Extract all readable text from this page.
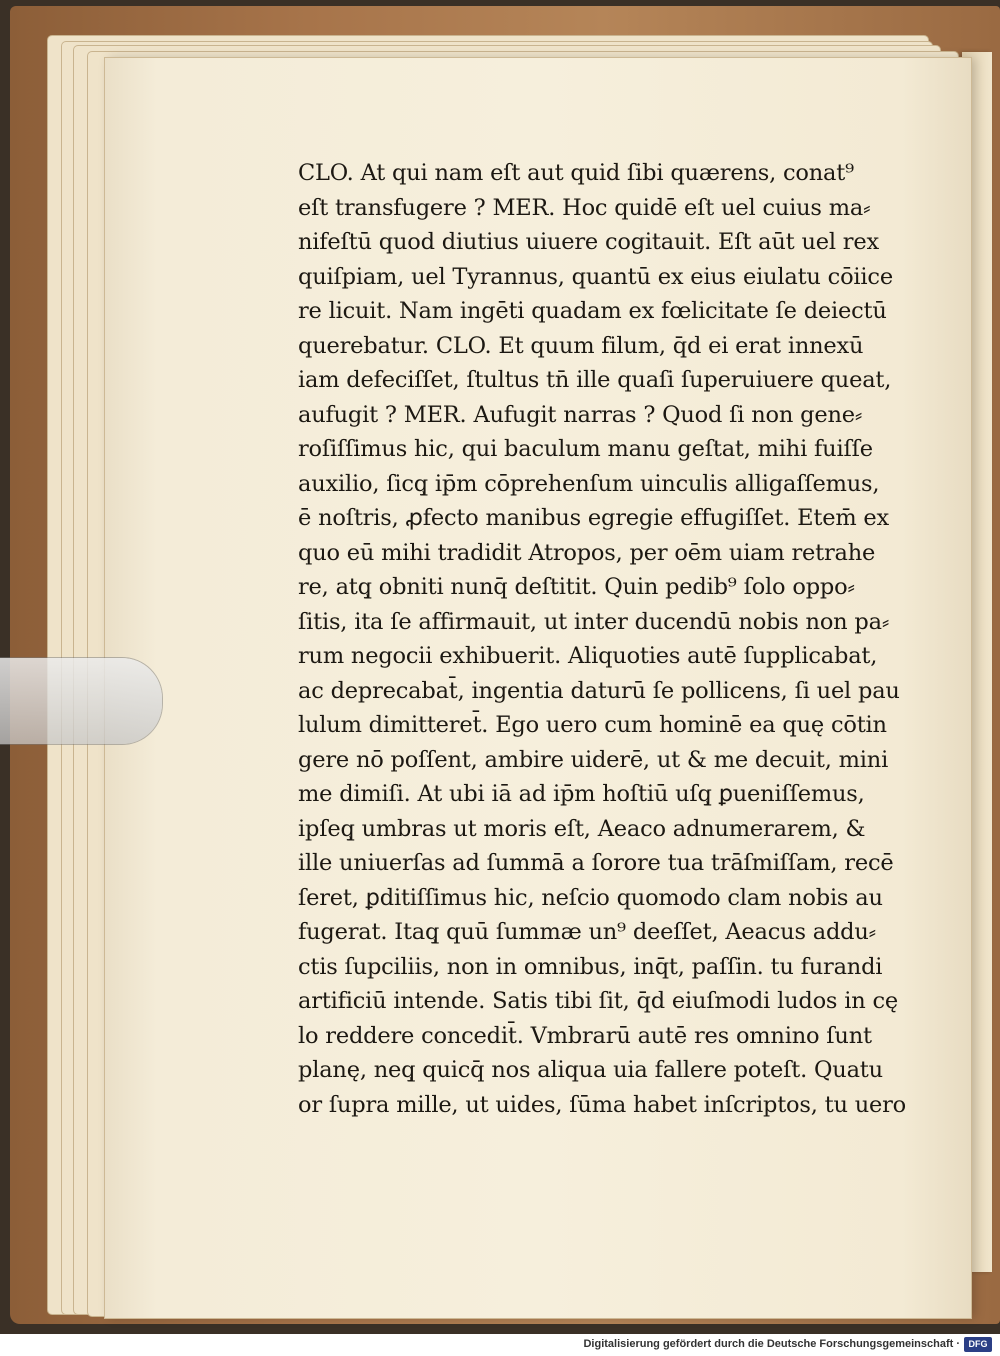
CLO. At qui nam eſt aut quid ſibi quærens, conat⁹
eſt transfugere ? MER. Hoc quidē eſt uel cuius ma⸗
nifeſtū quod diutius uiuere cogitauit. Eſt aūt uel rex
quiſpiam, uel Tyrannus, quantū ex eius eiulatu cōiice
re licuit. Nam ingēti quadam ex fœlicitate ſe deiectū
querebatur. CLO. Et quum filum, q̄d ei erat innexū
iam defeciſſet, ſtultus tn̄ ille quaſi ſuperuiuere queat,
aufugit ? MER. Aufugit narras ? Quod ſi non gene⸗
roſiſſimus hic, qui baculum manu geſtat, mihi fuiſſe
auxilio, ſicq̧ ip̄m cōprehenſum uinculis alligaſſemus,
ē noſtris, ꝓfecto manibus egregie effugiſſet. Etem̄ ex
quo eū mihi tradidit Atropos, per oēm uiam retrahe
re, atq̧ obniti nunq̄ deſtitit. Quin pedib⁹ ſolo oppo⸗
ſitis, ita ſe affirmauit, ut inter ducendū nobis non pa⸗
rum negocii exhibuerit. Aliquoties autē ſupplicabat,
ac deprecabat̄, ingentia daturū ſe pollicens, ſi uel pau
lulum dimitteret̄. Ego uero cum hominē ea quę cōtin
gere nō poſſent, ambire uiderē, ut & me decuit, mini
me dimiſi. At ubi iā ad ip̄m hoſtiū uſq̧ ꝑueniſſemus,
ipſeq̧ umbras ut moris eſt, Aeaco adnumerarem, &
ille uniuerſas ad ſummā a ſorore tua trāſmiſſam, recē
ſeret, ꝑditiſſimus hic, neſcio quomodo clam nobis au
fugerat. Itaq̧ quū ſummæ un⁹ deeſſet, Aeacus addu⸗
ctis ſupciliis, non in omnibus, inq̄t, paſſin. tu furandi
artificiū intende. Satis tibi ſit, q̄d eiuſmodi ludos in cę
lo reddere concedit̄. Vmbrarū autē res omnino ſunt
planę, neq̧ quicq̄ nos aliqua uia fallere poteſt. Quatu
or ſupra mille, ut uides, ſūma habet inſcriptos, tu uero
Digitalisierung gefördert durch die Deutsche Forschungsgemeinschaft · DFG
